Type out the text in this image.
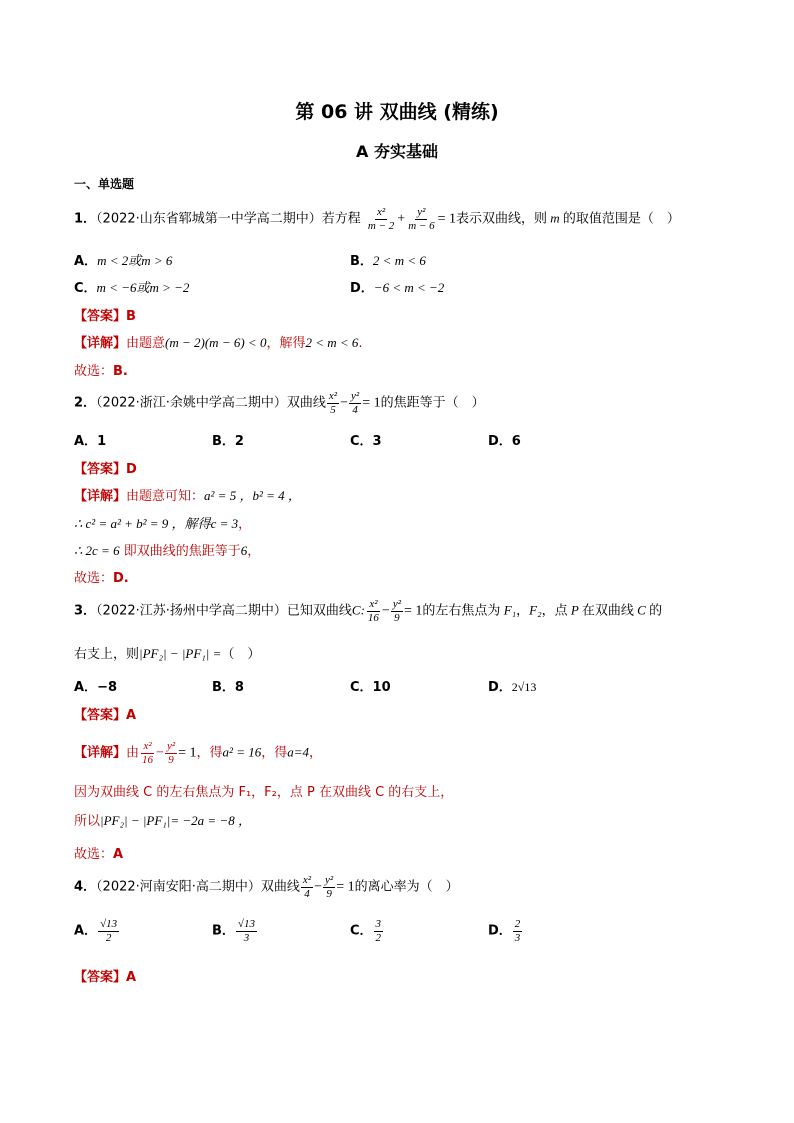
第 06 讲 双曲线 (精练)
A 夯实基础
一、单选题
1．（2022·山东省郓城第一中学高二期中）若方程 $\frac{\text{x²}}{m - 2} + \frac{\text{y²}}{m - 6} = 1$表示双曲线，则 m 的取值范围是（　）
A．m < 2或m > 6	B．2 < m < 6
C．m < −6或m > −2	D．−6 < m < −2
【答案】B
【详解】由题意(m − 2)(m − 6) < 0，解得2 < m < 6.
故选：B.
2．（2022·浙江·余姚中学高二期中）双曲线 $\frac{\text{x²}}{5} - \frac{\text{y²}}{4} = 1$的焦距等于（　）
A．1	B．2	C．3	D．6
【答案】D
【详解】由题意可知：a² = 5 ，b² = 4 ，
∴ c² = a² + b² = 9 ，解得c = 3，
∴ 2c = 6 即双曲线的焦距等于6，
故选：D.
3．（2022·江苏·扬州中学高二期中）已知双曲线C: $\frac{\text{x²}}{16} - \frac{\text{y²}}{9} = 1$的左右焦点为 F₁，F₂，点 P 在双曲线 C 的
右支上，则|PF₂| − |PF₁| =（　）
A．−8	B．8	C．10	D．2√13
【答案】A
【详解】由 $\frac{\text{x²}}{16} - \frac{\text{y²}}{9} = 1$，得a² = 16，得a=4，
因为双曲线 C 的左右焦点为 F₁，F₂，点 P 在双曲线 C 的右支上，
所以|PF₂| − |PF₁|= −2a = −8 ，
故选：A
4．（2022·河南安阳·高二期中）双曲线 $\frac{\text{x²}}{4} - \frac{\text{y²}}{9} = 1$的离心率为（　）
A． $\frac{√13}{2}$	B． $\frac{√13}{3}$	C． $\frac{3}{2}$	D． $\frac{2}{3}$
【答案】A
